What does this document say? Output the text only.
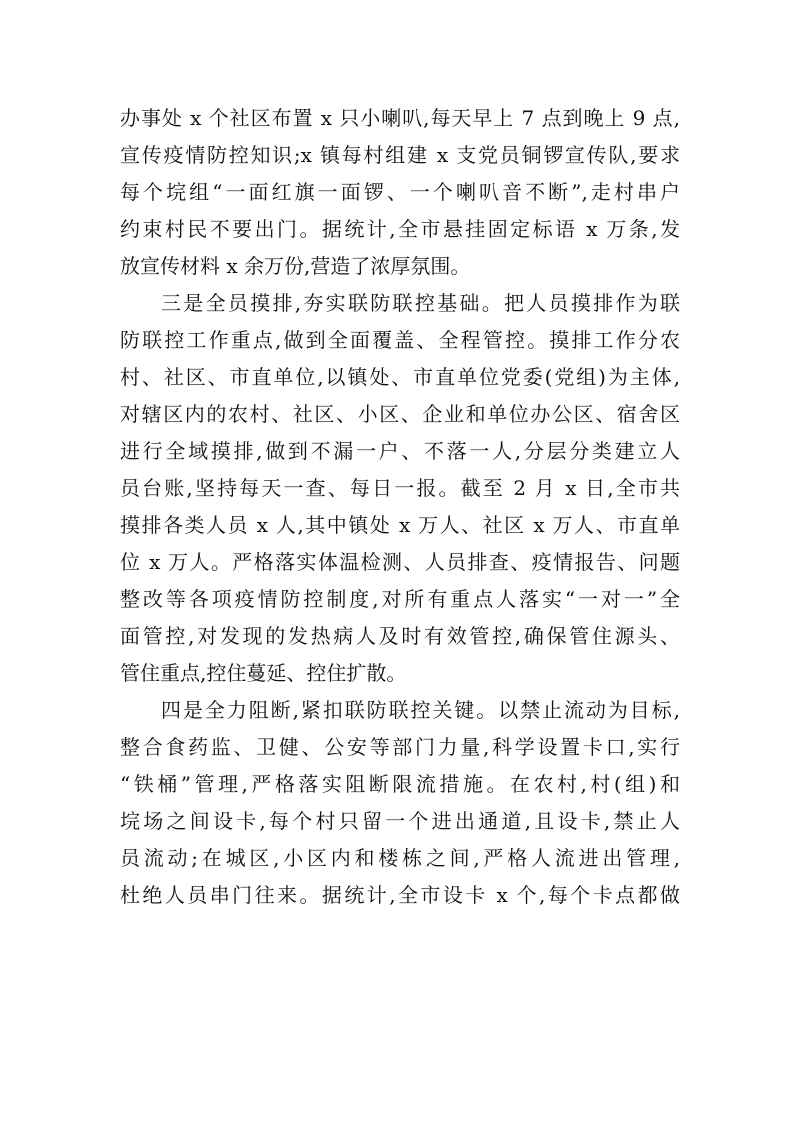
办事处 x 个社区布置 x 只小喇叭,每天早上 7 点到晚上 9 点,

宣传疫情防控知识;x 镇每村组建 x 支党员铜锣宣传队,要求

每个垸组“一面红旗一面锣、一个喇叭音不断”,走村串户

约束村民不要出门。据统计,全市悬挂固定标语 x 万条,发

放宣传材料 x 余万份,营造了浓厚氛围。

三是全员摸排,夯实联防联控基础。把人员摸排作为联

防联控工作重点,做到全面覆盖、全程管控。摸排工作分农

村、社区、市直单位,以镇处、市直单位党委(党组)为主体,

对辖区内的农村、社区、小区、企业和单位办公区、宿舍区

进行全域摸排,做到不漏一户、不落一人,分层分类建立人

员台账,坚持每天一查、每日一报。截至 2 月 x 日,全市共

摸排各类人员 x 人,其中镇处 x 万人、社区 x 万人、市直单

位 x 万人。严格落实体温检测、人员排查、疫情报告、问题

整改等各项疫情防控制度,对所有重点人落实“一对一”全

面管控,对发现的发热病人及时有效管控,确保管住源头、

管住重点,控住蔓延、控住扩散。

四是全力阻断,紧扣联防联控关键。以禁止流动为目标,

整合食药监、卫健、公安等部门力量,科学设置卡口,实行

“铁桶”管理,严格落实阻断限流措施。在农村,村(组)和

垸场之间设卡,每个村只留一个进出通道,且设卡,禁止人

员流动;在城区,小区内和楼栋之间,严格人流进出管理,

杜绝人员串门往来。据统计,全市设卡 x 个,每个卡点都做
